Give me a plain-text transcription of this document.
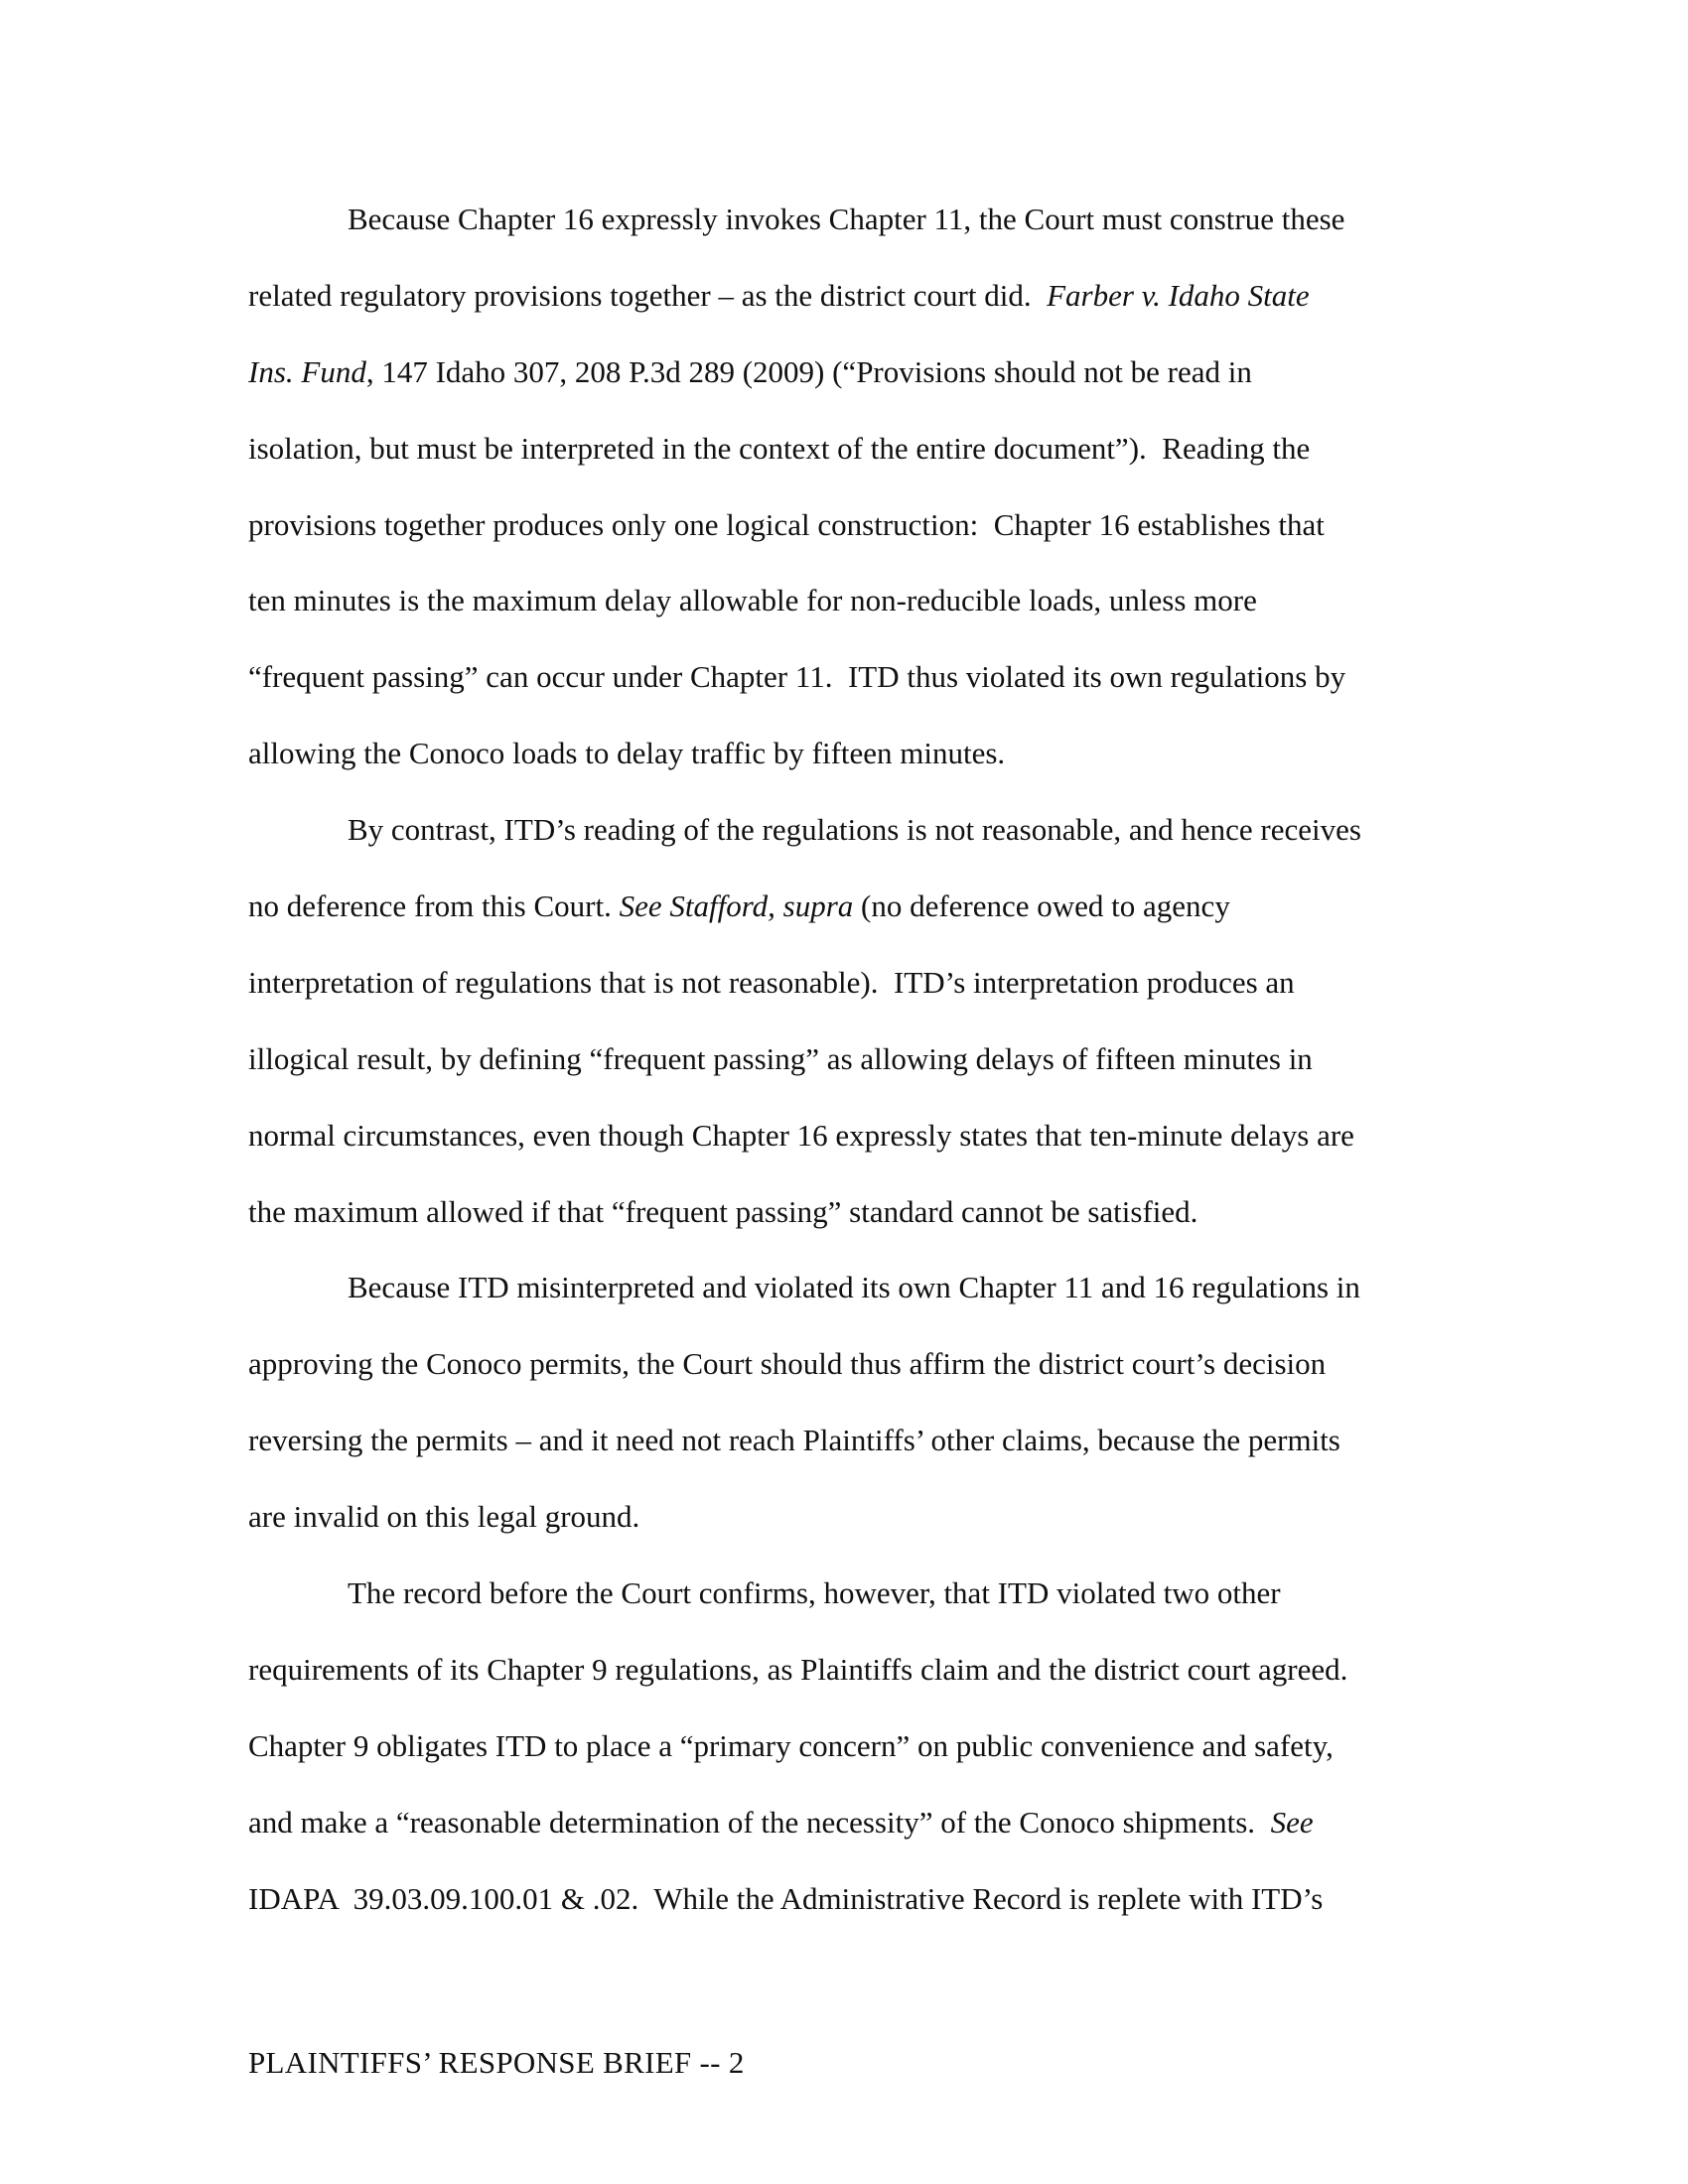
Because Chapter 16 expressly invokes Chapter 11, the Court must construe these
related regulatory provisions together – as the district court did.  Farber v. Idaho State
Ins. Fund, 147 Idaho 307, 208 P.3d 289 (2009) (“Provisions should not be read in
isolation, but must be interpreted in the context of the entire document”).  Reading the
provisions together produces only one logical construction:  Chapter 16 establishes that
ten minutes is the maximum delay allowable for non-reducible loads, unless more
“frequent passing” can occur under Chapter 11.  ITD thus violated its own regulations by
allowing the Conoco loads to delay traffic by fifteen minutes.
By contrast, ITD’s reading of the regulations is not reasonable, and hence receives
no deference from this Court. See Stafford, supra (no deference owed to agency
interpretation of regulations that is not reasonable).  ITD’s interpretation produces an
illogical result, by defining “frequent passing” as allowing delays of fifteen minutes in
normal circumstances, even though Chapter 16 expressly states that ten-minute delays are
the maximum allowed if that “frequent passing” standard cannot be satisfied.
Because ITD misinterpreted and violated its own Chapter 11 and 16 regulations in
approving the Conoco permits, the Court should thus affirm the district court’s decision
reversing the permits – and it need not reach Plaintiffs’ other claims, because the permits
are invalid on this legal ground.
The record before the Court confirms, however, that ITD violated two other
requirements of its Chapter 9 regulations, as Plaintiffs claim and the district court agreed.
Chapter 9 obligates ITD to place a “primary concern” on public convenience and safety,
and make a “reasonable determination of the necessity” of the Conoco shipments.  See
IDAPA  39.03.09.100.01 & .02.  While the Administrative Record is replete with ITD’s
PLAINTIFFS’ RESPONSE BRIEF -- 2
